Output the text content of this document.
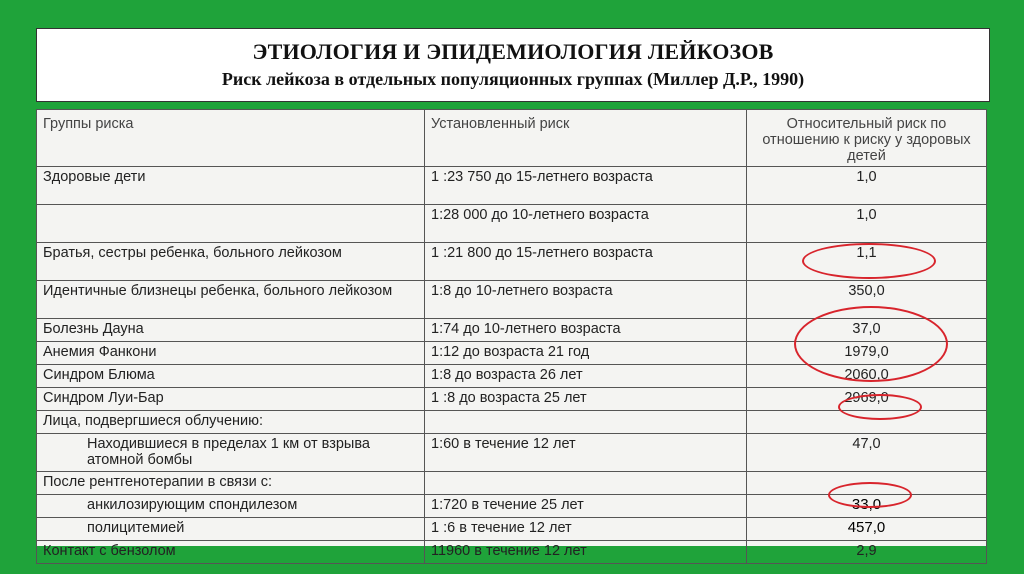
ЭТИОЛОГИЯ И ЭПИДЕМИОЛОГИЯ ЛЕЙКОЗОВ
Риск лейкоза в отдельных популяционных группах (Миллер Д.Р., 1990)
Группы риска	Установленный риск	Относительный риск по отношению к риску у здоровых детей
Здоровые дети	1 :23 750 до 15-летнего возраста	1,0
	1:28 000 до 10-летнего возраста	1,0
Братья, сестры ребенка, больного лейкозом	1 :21 800 до 15-летнего возраста	1,1
Идентичные близнецы ребенка, больного лейкозом	1:8 до 10-летнего возраста	350,0
Болезнь Дауна	1:74 до 10-летнего возраста	37,0
Анемия Фанкони	1:12 до возраста 21 год	1979,0
Синдром Блюма	1:8 до возраста 26 лет	2060,0
Синдром Луи-Бар	1 :8 до возраста 25 лет	2969,0
Лица, подвергшиеся облучению:		
Находившиеся в пределах 1 км от взрыва атомной бомбы	1:60 в течение 12 лет	47,0
После рентгенотерапии в связи с:		
анкилозирующим спондилезом	1:720 в течение 25 лет	33,0
полицитемией	1 :6 в течение 12 лет	457,0
Контакт с бензолом	11960 в течение 12 лет	2,9
